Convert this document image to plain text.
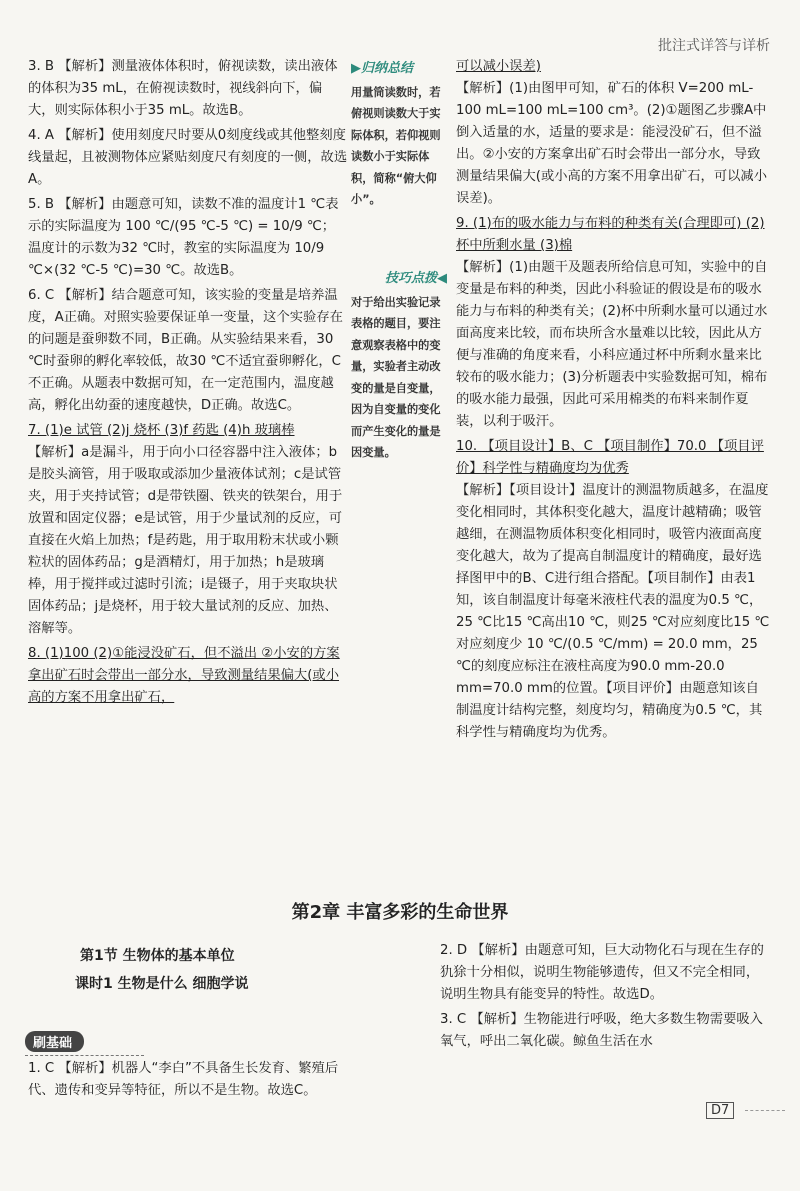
批注式详答与详析

3. B 【解析】测量液体体积时，俯视读数，读出液体的体积为35 mL，在俯视读数时，视线斜向下，偏大，则实际体积小于35 mL。故选B。

4. A 【解析】使用刻度尺时要从0刻度线或其他整刻度线量起，且被测物体应紧贴刻度尺有刻度的一侧，故选A。

5. B 【解析】由题意可知，读数不准的温度计1 ℃表示的实际温度为 100 ℃/(95 ℃-5 ℃) = 10/9 ℃；温度计的示数为32 ℃时，教室的实际温度为 10/9 ℃×(32 ℃-5 ℃)=30 ℃。故选B。

6. C 【解析】结合题意可知，该实验的变量是培养温度，A正确。对照实验要保证单一变量，这个实验存在的问题是蚕卵数不同，B正确。从实验结果来看，30 ℃时蚕卵的孵化率较低，故30 ℃不适宜蚕卵孵化，C不正确。从题表中数据可知，在一定范围内，温度越高，孵化出幼蚕的速度越快，D正确。故选C。

7. (1)e 试管 (2)j 烧杯 (3)f 药匙 (4)h 玻璃棒

【解析】a是漏斗，用于向小口径容器中注入液体；b是胶头滴管，用于吸取或添加少量液体试剂；c是试管夹，用于夹持试管；d是带铁圈、铁夹的铁架台，用于放置和固定仪器；e是试管，用于少量试剂的反应，可直接在火焰上加热；f是药匙，用于取用粉末状或小颗粒状的固体药品；g是酒精灯，用于加热；h是玻璃棒，用于搅拌或过滤时引流；i是镊子，用于夹取块状固体药品；j是烧杯，用于较大量试剂的反应、加热、溶解等。

8. (1)100 (2)①能浸没矿石，但不溢出 ②小安的方案拿出矿石时会带出一部分水，导致测量结果偏大(或小高的方案不用拿出矿石，

▶归纳总结
用量筒读数时，若俯视则读数大于实际体积，若仰视则读数小于实际体积，简称“俯大仰小”。
技巧点拨◀
对于给出实验记录表格的题目，要注意观察表格中的变量，实验者主动改变的量是自变量，因为自变量的变化而产生变化的量是因变量。

可以减小误差)

【解析】(1)由图甲可知，矿石的体积 V=200 mL-100 mL=100 mL=100 cm³。(2)①题图乙步骤A中倒入适量的水，适量的要求是：能浸没矿石，但不溢出。②小安的方案拿出矿石时会带出一部分水，导致测量结果偏大(或小高的方案不用拿出矿石，可以减小误差)。

9. (1)布的吸水能力与布料的种类有关(合理即可) (2)杯中所剩水量 (3)棉

【解析】(1)由题干及题表所给信息可知，实验中的自变量是布料的种类，因此小科验证的假设是布的吸水能力与布料的种类有关；(2)杯中所剩水量可以通过水面高度来比较，而布块所含水量难以比较，因此从方便与准确的角度来看，小科应通过杯中所剩水量来比较布的吸水能力；(3)分析题表中实验数据可知，棉布的吸水能力最强，因此可采用棉类的布料来制作夏装，以利于吸汗。

10. 【项目设计】B、C 【项目制作】70.0 【项目评价】科学性与精确度均为优秀

【解析】【项目设计】温度计的测温物质越多，在温度变化相同时，其体积变化越大，温度计越精确；吸管越细，在测温物质体积变化相同时，吸管内液面高度变化越大，故为了提高自制温度计的精确度，最好选择图甲中的B、C进行组合搭配。【项目制作】由表1知，该自制温度计每毫米液柱代表的温度为0.5 ℃，25 ℃比15 ℃高出10 ℃，则25 ℃对应刻度比15 ℃对应刻度少 10 ℃/(0.5 ℃/mm) = 20.0 mm，25 ℃的刻度应标注在液柱高度为90.0 mm-20.0 mm=70.0 mm的位置。【项目评价】由题意知该自制温度计结构完整，刻度均匀，精确度为0.5 ℃，其科学性与精确度均为优秀。

第2章 丰富多彩的生命世界
第1节 生物体的基本单位
课时1 生物是什么 细胞学说
刷基础

1. C 【解析】机器人“李白”不具备生长发育、繁殖后代、遗传和变异等特征，所以不是生物。故选C。

2. D 【解析】由题意可知，巨大动物化石与现在生存的犰狳十分相似，说明生物能够遗传，但又不完全相同，说明生物具有能变异的特性。故选D。

3. C 【解析】生物能进行呼吸，绝大多数生物需要吸入氧气，呼出二氧化碳。鲸鱼生活在水

D7
